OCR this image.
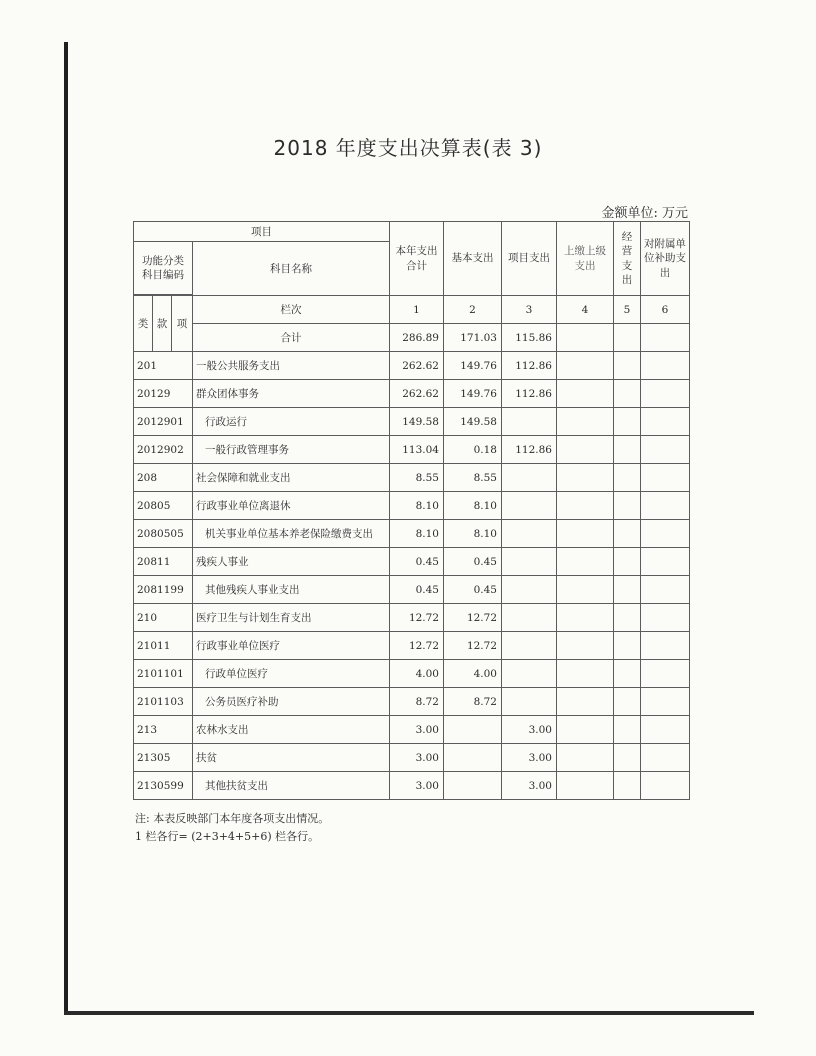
2018 年度支出决算表(表 3)
金额单位: 万元
项目				本年支出合计	基本支出	项目支出	上缴上级支出	经营支出	对附属单位补助支出
功能分类科目编码			科目名称						

类	款	项	栏次	1	2	3	4	5	6
			合计	286.89	171.03	115.86			
201			一般公共服务支出	262.62	149.76	112.86			
20129			群众团体事务	262.62	149.76	112.86			
2012901			行政运行	149.58	149.58				
2012902			一般行政管理事务	113.04	0.18	112.86			
208			社会保障和就业支出	8.55	8.55				
20805			行政事业单位离退休	8.10	8.10				
2080505			机关事业单位基本养老保险缴费支出	8.10	8.10				
20811			残疾人事业	0.45	0.45				
2081199			其他残疾人事业支出	0.45	0.45				
210			医疗卫生与计划生育支出	12.72	12.72				
21011			行政事业单位医疗	12.72	12.72				
2101101			行政单位医疗	4.00	4.00				
2101103			公务员医疗补助	8.72	8.72				
213			农林水支出	3.00		3.00			
21305			扶贫	3.00		3.00			
2130599			其他扶贫支出	3.00		3.00			
注: 本表反映部门本年度各项支出情况。
1 栏各行= (2+3+4+5+6) 栏各行。
